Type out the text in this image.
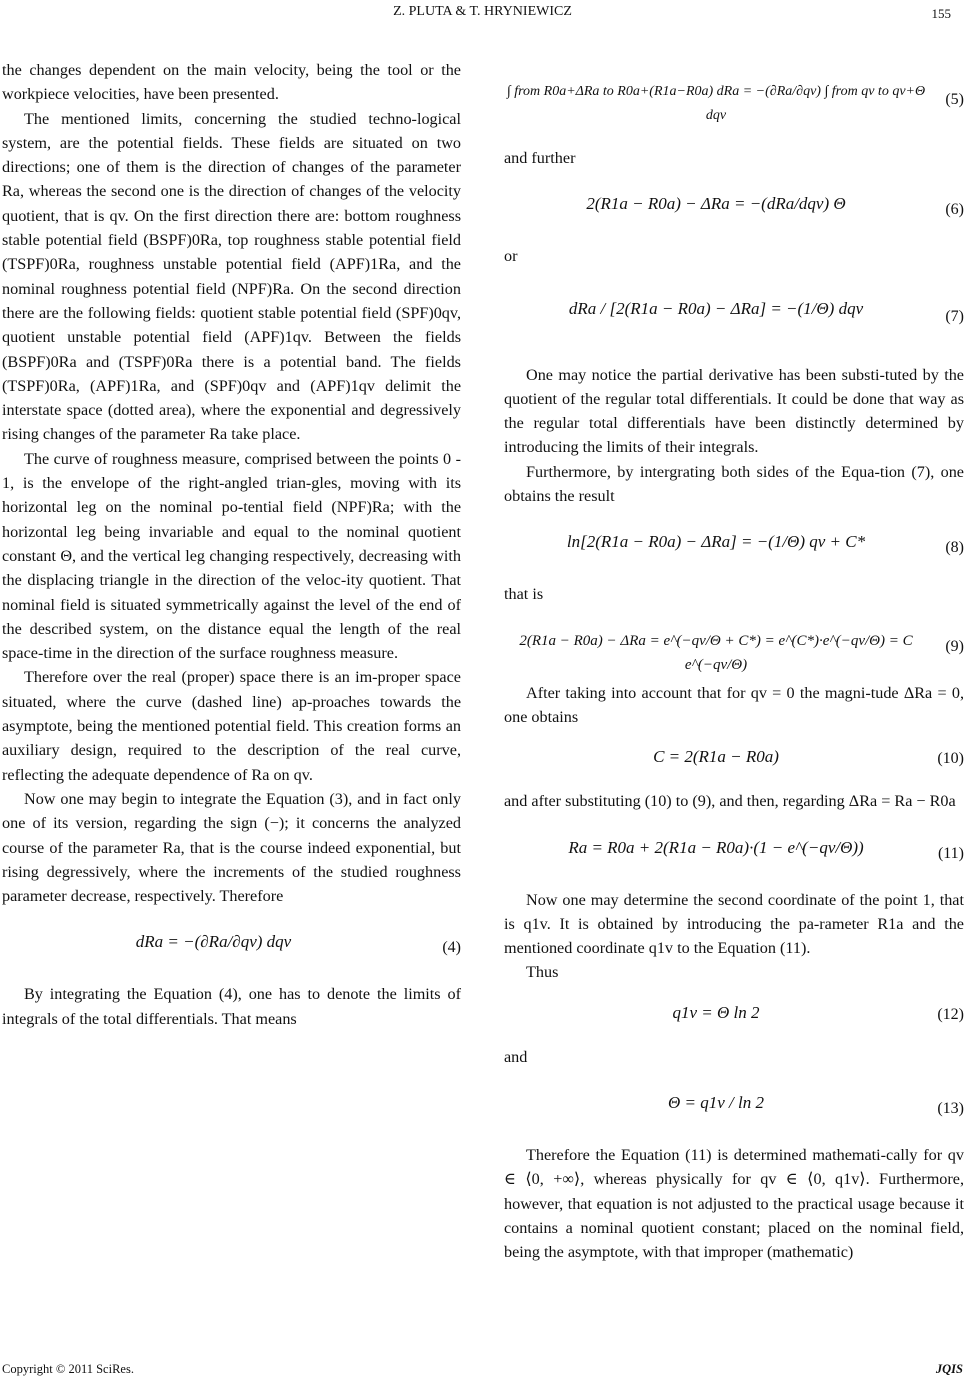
Z. PLUTA & T. HRYNIEWICZ	155

the changes dependent on the main velocity, being the tool or the workpiece velocities, have been presented.

The mentioned limits, concerning the studied techno-logical system, are the potential fields. These fields are situated on two directions; one of them is the direction of changes of the parameter Ra, whereas the second one is the direction of changes of the velocity quotient, that is qv. On the first direction there are: bottom roughness stable potential field (BSPF)0Ra, top roughness stable potential field (TSPF)0Ra, roughness unstable potential field (APF)1Ra, and the nominal roughness potential field (NPF)Ra. On the second direction there are the following fields: quotient stable potential field (SPF)0qv, quotient unstable potential field (APF)1qv. Between the fields (BSPF)0Ra and (TSPF)0Ra there is a potential band. The fields (TSPF)0Ra, (APF)1Ra, and (SPF)0qv and (APF)1qv delimit the interstate space (dotted area), where the exponential and degressively rising changes of the parameter Ra take place.

The curve of roughness measure, comprised between the points 0 - 1, is the envelope of the right-angled trian-gles, moving with its horizontal leg on the nominal po-tential field (NPF)Ra; with the horizontal leg being invariable and equal to the nominal quotient constant Θ, and the vertical leg changing respectively, decreasing with the displacing triangle in the direction of the veloc-ity quotient. That nominal field is situated symmetrically against the level of the end of the described system, on the distance equal the length of the real space-time in the direction of the surface roughness measure.

Therefore over the real (proper) space there is an im-proper space situated, where the curve (dashed line) ap-proaches towards the asymptote, being the mentioned potential field. This creation forms an auxiliary design, required to the description of the real curve, reflecting the adequate dependence of Ra on qv.

Now one may begin to integrate the Equation (3), and in fact only one of its version, regarding the sign (−); it concerns the analyzed course of the parameter Ra, that is the course indeed exponential, but rising degressively, where the increments of the studied roughness parameter decrease, respectively. Therefore

dRa = −(∂Ra/∂qv) dqv	(4)

By integrating the Equation (4), one has to denote the limits of integrals of the total differentials. That means

∫ from R0a+ΔRa to R0a+(R1a−R0a) dRa = −(∂Ra/∂qv) ∫ from qv to qv+Θ dqv
(5)

and further

2(R1a − R0a) − ΔRa = −(dRa/dqv) Θ	(6)

or

dRa / [2(R1a − R0a) − ΔRa] = −(1/Θ) dqv	(7)

One may notice the partial derivative has been substi-tuted by the quotient of the regular total differentials. It could be done that way as the regular total differentials have been distinctly determined by introducing the limits of their integrals.

Furthermore, by intergrating both sides of the Equa-tion (7), one obtains the result

ln[2(R1a − R0a) − ΔRa] = −(1/Θ) qv + C*	(8)

that is

2(R1a − R0a) − ΔRa = e^(−qv/Θ + C*) = e^(C*)·e^(−qv/Θ) = C e^(−qv/Θ)
(9)

After taking into account that for qv = 0 the magni-tude ΔRa = 0, one obtains

C = 2(R1a − R0a)	(10)

and after substituting (10) to (9), and then, regarding ΔRa = Ra − R0a

Ra = R0a + 2(R1a − R0a)·(1 − e^(−qv/Θ))	(11)

Now one may determine the second coordinate of the point 1, that is q1v. It is obtained by introducing the pa-rameter R1a and the mentioned coordinate q1v to the Equation (11).

Thus

q1v = Θ ln 2	(12)

and

Θ = q1v / ln 2	(13)

Therefore the Equation (11) is determined mathemati-cally for qv ∈ ⟨0, +∞⟩, whereas physically for qv ∈ ⟨0, q1v⟩. Furthermore, however, that equation is not adjusted to the practical usage because it contains a nominal quotient constant; placed on the nominal field, being the asymptote, with that improper (mathematic)

Copyright © 2011 SciRes.	JQIS
